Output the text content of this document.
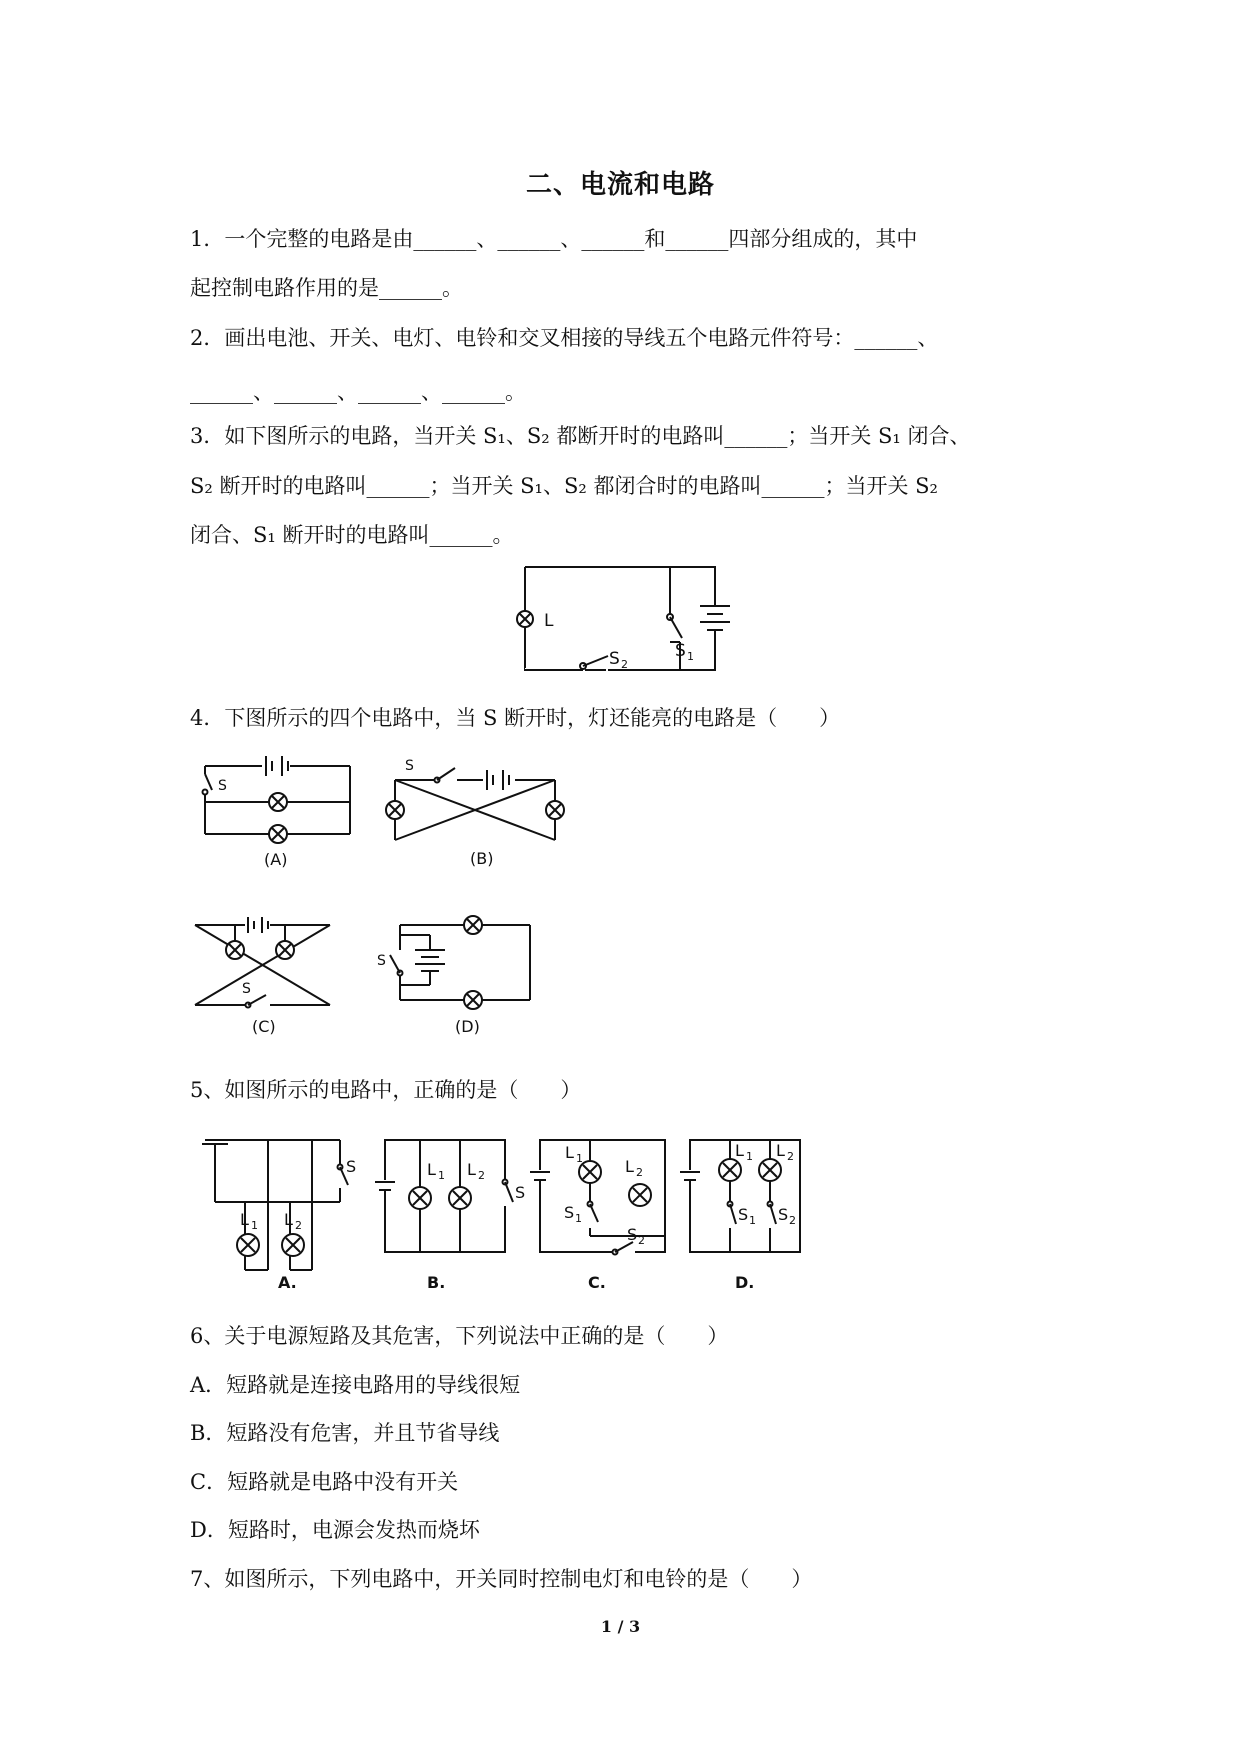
二、电流和电路
1．一个完整的电路是由______、______、______和______四部分组成的，其中
起控制电路作用的是______。
2．画出电池、开关、电灯、电铃和交叉相接的导线五个电路元件符号：______、
______、______、______、______。
3．如下图所示的电路，当开关 S₁、S₂ 都断开时的电路叫______；当开关 S₁ 闭合、
S₂ 断开时的电路叫______；当开关 S₁、S₂ 都闭合时的电路叫______；当开关 S₂
闭合、S₁ 断开时的电路叫______。
L
S 2
S 1
4．下图所示的四个电路中，当 S 断开时，灯还能亮的电路是（　　）
S
(A)
S
(B)
S
(C)
S
(D)
5、如图所示的电路中，正确的是（　　）
S
L 1 L 2
A.
S
L 1 L 2
B.
L 1	L 2
S 1
S 2
C.
L 1 L 2
S 1 S 2
D.
6、关于电源短路及其危害，下列说法中正确的是（　　）
A．短路就是连接电路用的导线很短
B．短路没有危害，并且节省导线
C．短路就是电路中没有开关
D．短路时，电源会发热而烧坏
7、如图所示，下列电路中，开关同时控制电灯和电铃的是（　　）
1 / 3
